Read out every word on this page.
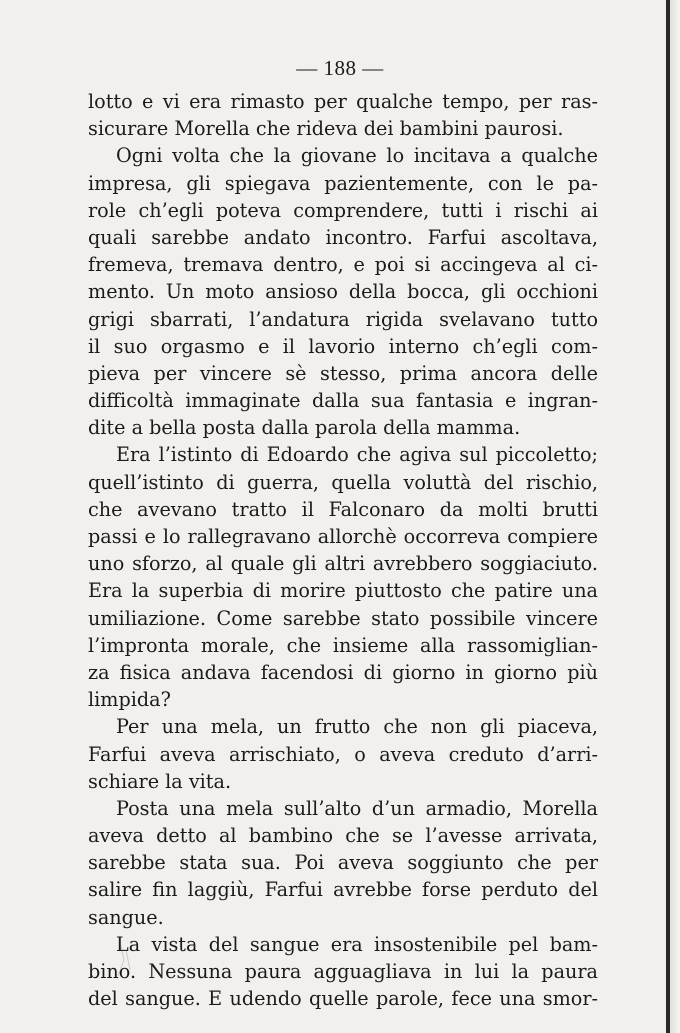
— 188 —
lotto e vi era rimasto per qualche tempo, per ras-
sicurare Morella che rideva dei bambini paurosi.
Ogni volta che la giovane lo incitava a qualche
impresa, gli spiegava pazientemente, con le pa-
role ch’egli poteva comprendere, tutti i rischi ai
quali sarebbe andato incontro. Farfui ascoltava,
fremeva, tremava dentro, e poi si accingeva al ci-
mento. Un moto ansioso della bocca, gli occhioni
grigi sbarrati, l’andatura rigida svelavano tutto
il suo orgasmo e il lavorio interno ch’egli com-
pieva per vincere sè stesso, prima ancora delle
difficoltà immaginate dalla sua fantasia e ingran-
dite a bella posta dalla parola della mamma.
Era l’istinto di Edoardo che agiva sul piccoletto;
quell’istinto di guerra, quella voluttà del rischio,
che avevano tratto il Falconaro da molti brutti
passi e lo rallegravano allorchè occorreva compiere
uno sforzo, al quale gli altri avrebbero soggiaciuto.
Era la superbia di morire piuttosto che patire una
umiliazione. Come sarebbe stato possibile vincere
l’impronta morale, che insieme alla rassomiglian-
za fisica andava facendosi di giorno in giorno più
limpida?
Per una mela, un frutto che non gli piaceva,
Farfui aveva arrischiato, o aveva creduto d’arri-
schiare la vita.
Posta una mela sull’alto d’un armadio, Morella
aveva detto al bambino che se l’avesse arrivata,
sarebbe stata sua. Poi aveva soggiunto che per
salire fin laggiù, Farfui avrebbe forse perduto del
sangue.
La vista del sangue era insostenibile pel bam-
bino. Nessuna paura agguagliava in lui la paura
del sangue. E udendo quelle parole, fece una smor-
